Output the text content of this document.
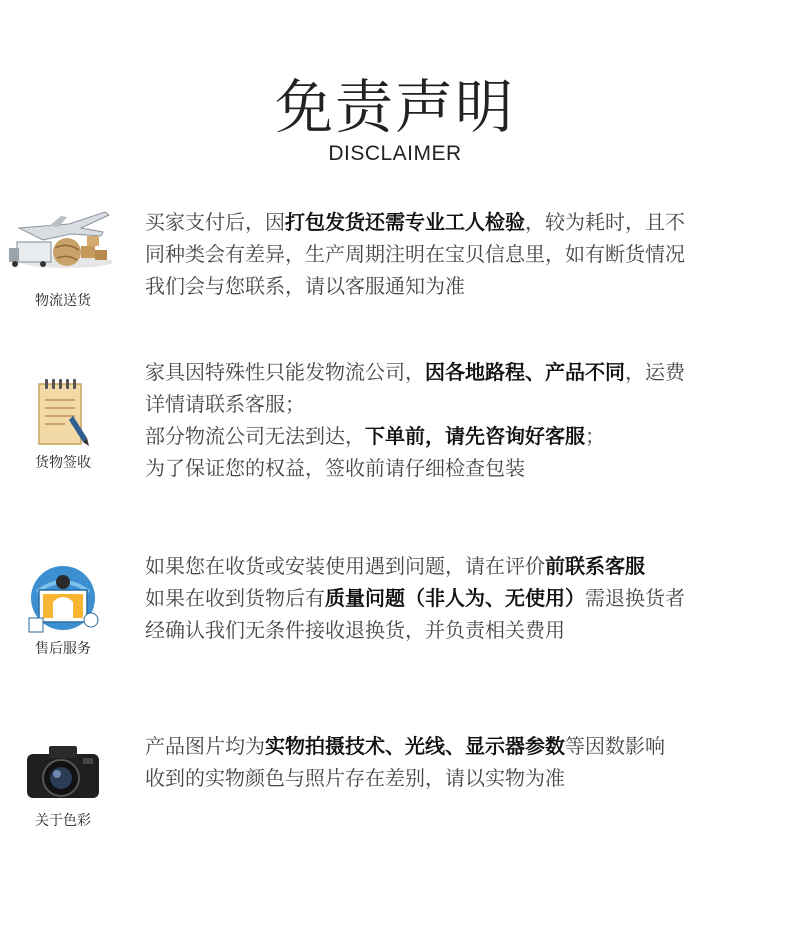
免责声明
DISCLAIMER
物流送货

买家支付后，因打包发货还需专业工人检验，较为耗时，且不

同种类会有差异，生产周期注明在宝贝信息里，如有断货情况

我们会与您联系，请以客服通知为准

货物签收

家具因特殊性只能发物流公司，因各地路程、产品不同，运费

详情请联系客服；

部分物流公司无法到达，下单前，请先咨询好客服；

为了保证您的权益，签收前请仔细检查包装

售后服务

如果您在收货或安装使用遇到问题，请在评价前联系客服

如果在收到货物后有质量问题（非人为、无使用）需退换货者

经确认我们无条件接收退换货，并负责相关费用

关于色彩

产品图片均为实物拍摄技术、光线、显示器参数等因数影响

收到的实物颜色与照片存在差别，请以实物为准
